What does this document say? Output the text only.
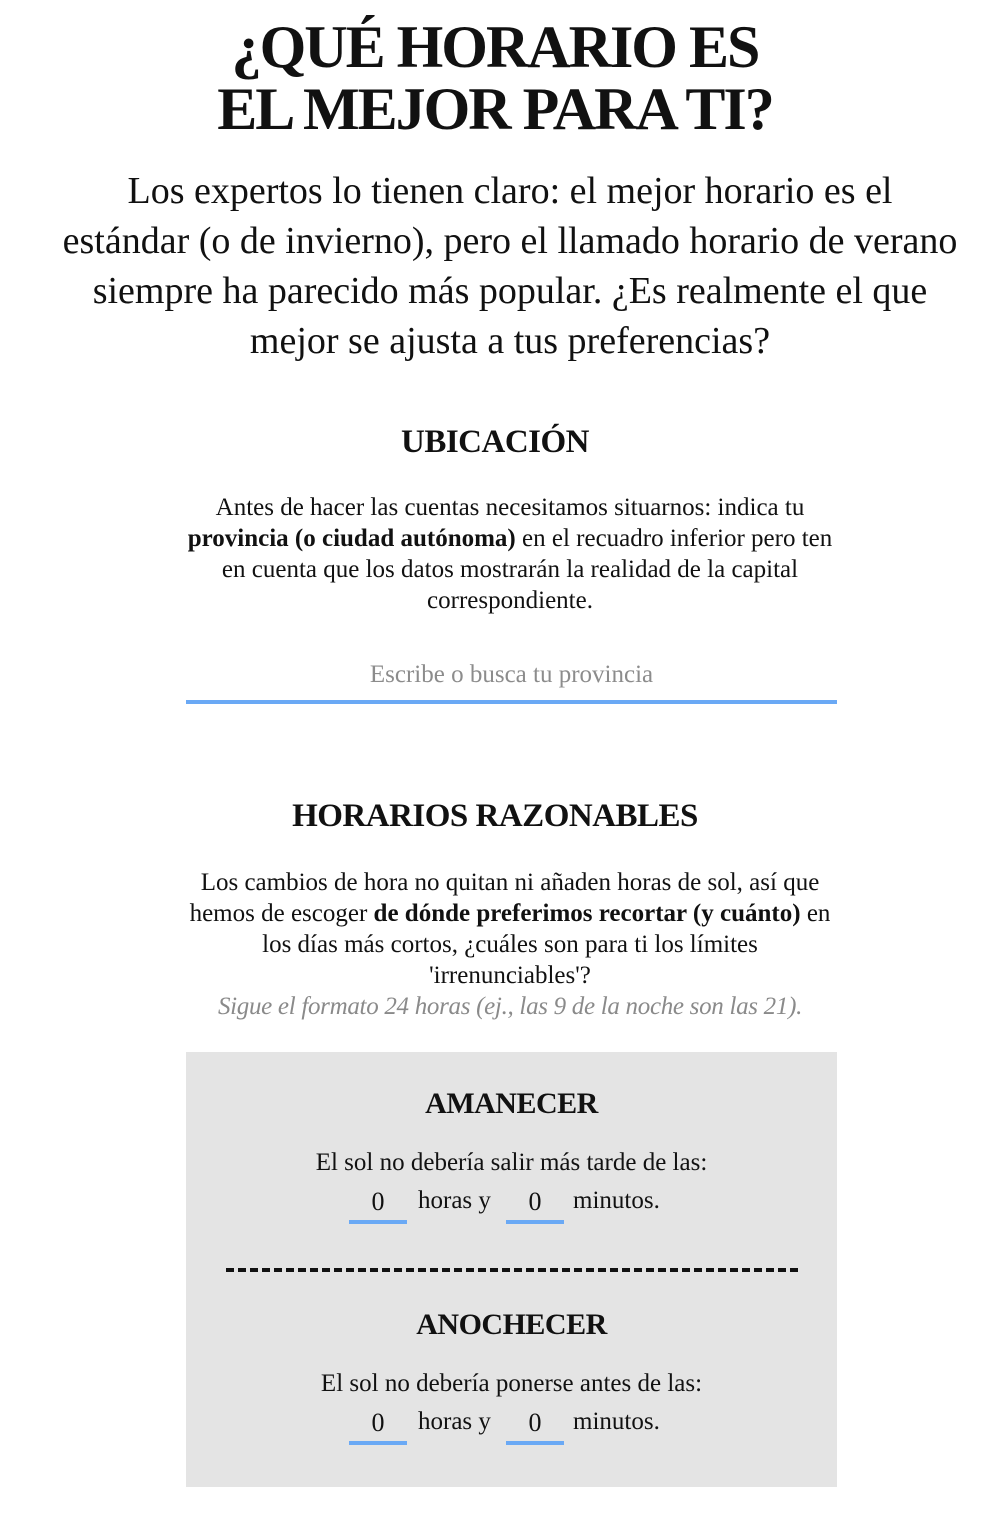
¿QUÉ HORARIO ES
EL MEJOR PARA TI?

Los expertos lo tienen claro: el mejor horario es el estándar (o de invierno), pero el llamado horario de verano siempre ha parecido más popular. ¿Es realmente el que mejor se ajusta a tus preferencias?

UBICACIÓN

Antes de hacer las cuentas necesitamos situarnos: indica tu provincia (o ciudad autónoma) en el recuadro inferior pero ten en cuenta que los datos mostrarán la realidad de la capital correspondiente.

Escribe o busca tu provincia
HORARIOS RAZONABLES

Los cambios de hora no quitan ni añaden horas de sol, así que hemos de escoger de dónde preferimos recortar (y cuánto) en los días más cortos, ¿cuáles son para ti los límites 'irrenunciables'?
Sigue el formato 24 horas (ej., las 9 de la noche son las 21).

AMANECER

El sol no debería salir más tarde de las:

0
horas y
0	minutos.
ANOCHECER

El sol no debería ponerse antes de las:

0
horas y
0	minutos.
